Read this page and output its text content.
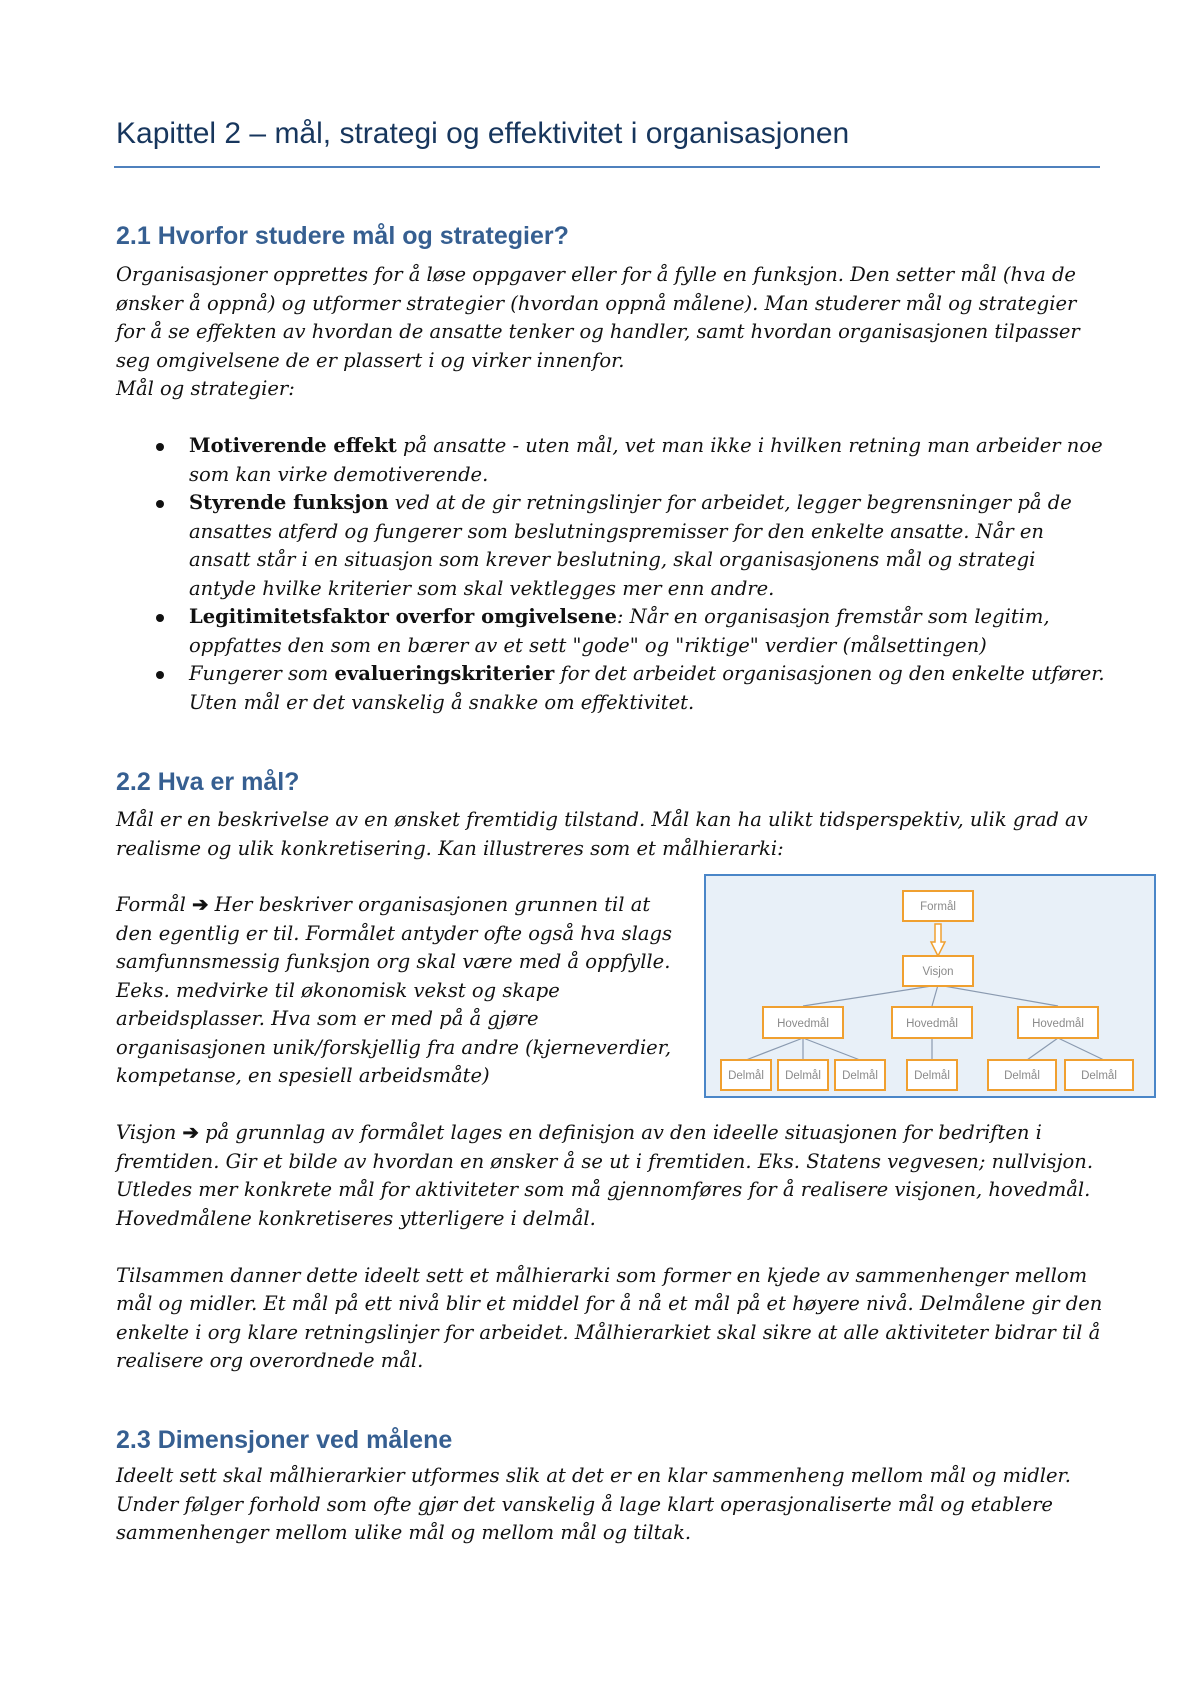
Kapittel 2 – mål, strategi og effektivitet i organisasjonen
2.1 Hvorfor studere mål og strategier?

Organisasjoner opprettes for å løse oppgaver eller for å fylle en funksjon. Den setter mål (hva de ønsker å oppnå) og utformer strategier (hvordan oppnå målene). Man studerer mål og strategier for å se effekten av hvordan de ansatte tenker og handler, samt hvordan organisasjonen tilpasser seg omgivelsene de er plassert i og virker innenfor.

Mål og strategier:

Motiverende effekt på ansatte - uten mål, vet man ikke i hvilken retning man arbeider noe som kan virke demotiverende.
Styrende funksjon ved at de gir retningslinjer for arbeidet, legger begrensninger på de ansattes atferd og fungerer som beslutningspremisser for den enkelte ansatte. Når en ansatt står i en situasjon som krever beslutning, skal organisasjonens mål og strategi antyde hvilke kriterier som skal vektlegges mer enn andre.
Legitimitetsfaktor overfor omgivelsene: Når en organisasjon fremstår som legitim, oppfattes den som en bærer av et sett "gode" og "riktige" verdier (målsettingen)
Fungerer som evalueringskriterier for det arbeidet organisasjonen og den enkelte utfører. Uten mål er det vanskelig å snakke om effektivitet.
2.2 Hva er mål?

Mål er en beskrivelse av en ønsket fremtidig tilstand. Mål kan ha ulikt tidsperspektiv, ulik grad av realisme og ulik konkretisering. Kan illustreres som et målhierarki:

Formål ➔ Her beskriver organisasjonen grunnen til at den egentlig er til. Formålet antyder ofte også hva slags samfunnsmessig funksjon org skal være med å oppfylle. Eeks. medvirke til økonomisk vekst og skape arbeidsplasser. Hva som er med på å gjøre organisasjonen unik/forskjellig fra andre (kjerneverdier, kompetanse, en spesiell arbeidsmåte)

Formål
Visjon
Hovedmål	Hovedmål	Hovedmål
Delmål Delmål Delmål	Delmål	Delmål	Delmål

Visjon ➔ på grunnlag av formålet lages en definisjon av den ideelle situasjonen for bedriften i fremtiden. Gir et bilde av hvordan en ønsker å se ut i fremtiden. Eks. Statens vegvesen; nullvisjon. Utledes mer konkrete mål for aktiviteter som må gjennomføres for å realisere visjonen, hovedmål. Hovedmålene konkretiseres ytterligere i delmål.

Tilsammen danner dette ideelt sett et målhierarki som former en kjede av sammenhenger mellom mål og midler. Et mål på ett nivå blir et middel for å nå et mål på et høyere nivå. Delmålene gir den enkelte i org klare retningslinjer for arbeidet. Målhierarkiet skal sikre at alle aktiviteter bidrar til å realisere org overordnede mål.

2.3 Dimensjoner ved målene

Ideelt sett skal målhierarkier utformes slik at det er en klar sammenheng mellom mål og midler. Under følger forhold som ofte gjør det vanskelig å lage klart operasjonaliserte mål og etablere sammenhenger mellom ulike mål og mellom mål og tiltak.
